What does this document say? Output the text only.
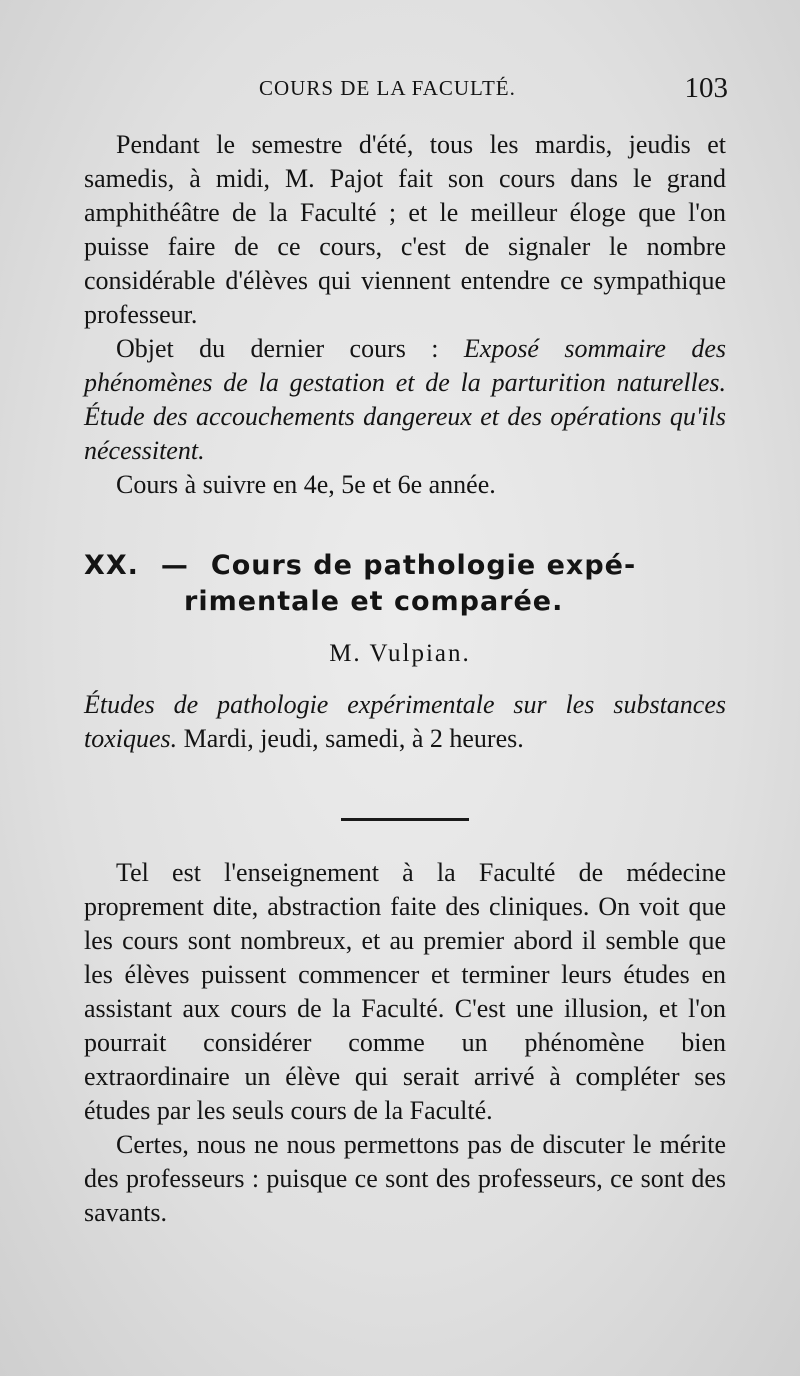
COURS DE LA FACULTÉ.	103

Pendant le semestre d'été, tous les mardis, jeudis et samedis, à midi, M. Pajot fait son cours dans le grand amphithéâtre de la Faculté ; et le meilleur éloge que l'on puisse faire de ce cours, c'est de signaler le nombre considérable d'élèves qui viennent entendre ce sympathique professeur.

Objet du dernier cours : Exposé sommaire des phénomènes de la gestation et de la parturition naturelles. Étude des accouchements dangereux et des opérations qu'ils nécessitent.

Cours à suivre en 4e, 5e et 6e année.

XX. — Cours de pathologie expé-
rimentale et comparée.
M. Vulpian.

Études de pathologie expérimentale sur les substances toxiques. Mardi, jeudi, samedi, à 2 heures.

Tel est l'enseignement à la Faculté de médecine proprement dite, abstraction faite des cliniques. On voit que les cours sont nombreux, et au premier abord il semble que les élèves puissent commencer et terminer leurs études en assistant aux cours de la Faculté. C'est une illusion, et l'on pourrait considérer comme un phénomène bien extraordinaire un élève qui serait arrivé à compléter ses études par les seuls cours de la Faculté.

Certes, nous ne nous permettons pas de discuter le mérite des professeurs : puisque ce sont des professeurs, ce sont des savants.
